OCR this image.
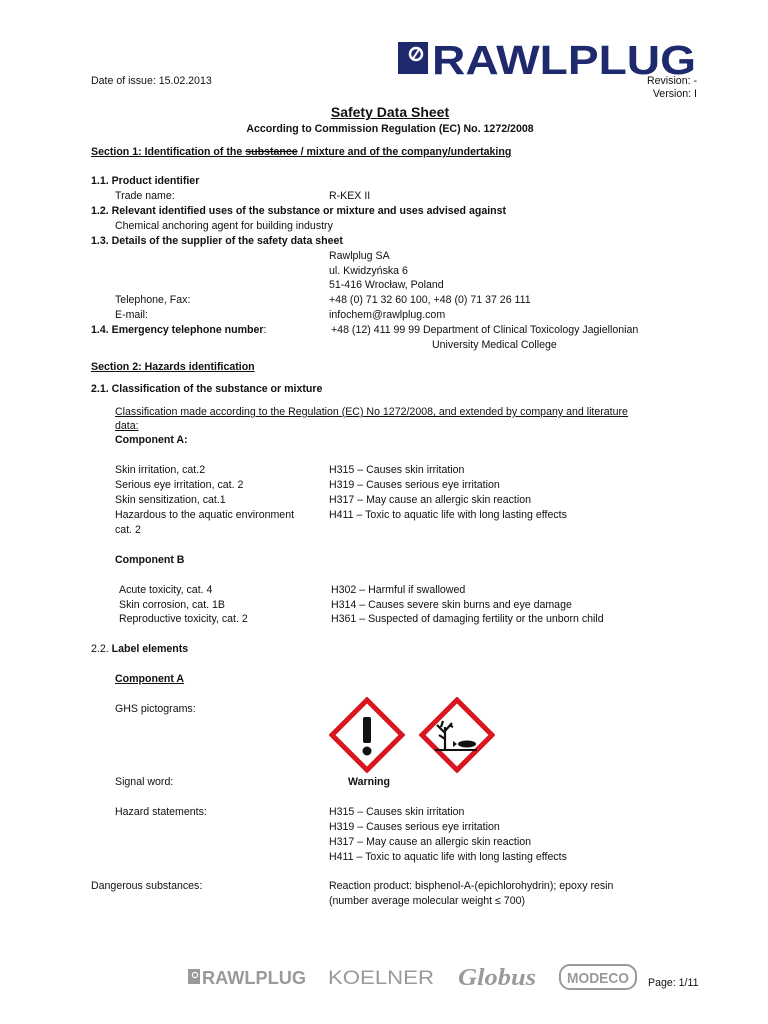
RAWLPLUG
Date of issue: 15.02.2013	Revision: -
Version: I
Safety Data Sheet
According to Commission Regulation (EC) No. 1272/2008
Section 1: Identification of the substance / mixture and of the company/undertaking
1.1. Product identifier
Trade name:	R-KEX II
1.2. Relevant identified uses of the substance or mixture and uses advised against
Chemical anchoring agent for building industry
1.3. Details of the supplier of the safety data sheet
Rawlplug SA
ul. Kwidzyńska 6
51-416 Wrocław, Poland
Telephone, Fax:	+48 (0) 71 32 60 100, +48 (0) 71 37 26 111
E-mail:	infochem@rawlplug.com
1.4. Emergency telephone number:	+48 (12) 411 99 99 Department of Clinical Toxicology Jagiellonian
University Medical College
Section 2: Hazards identification
2.1. Classification of the substance or mixture
Classification made according to the Regulation (EC) No 1272/2008, and extended by company and literature
data:
Component A:
Skin irritation, cat.2	H315 – Causes skin irritation
Serious eye irritation, cat. 2	H319 – Causes serious eye irritation
Skin sensitization, cat.1	H317 – May cause an allergic skin reaction
Hazardous to the aquatic environment	H411 – Toxic to aquatic life with long lasting effects
cat. 2
Component B
Acute toxicity, cat. 4	H302 – Harmful if swallowed
Skin corrosion, cat. 1B	H314 – Causes severe skin burns and eye damage
Reproductive toxicity, cat. 2	H361 – Suspected of damaging fertility or the unborn child
2.2. Label elements
Component A
GHS pictograms:
Signal word:	Warning
Hazard statements:	H315 – Causes skin irritation
H319 – Causes serious eye irritation
H317 – May cause an allergic skin reaction
H411 – Toxic to aquatic life with long lasting effects
Dangerous substances:	Reaction product: bisphenol-A-(epichlorohydrin); epoxy resin
(number average molecular weight ≤ 700)
RAWLPLUG KOELNER Globus MODECO Page: 1/11
